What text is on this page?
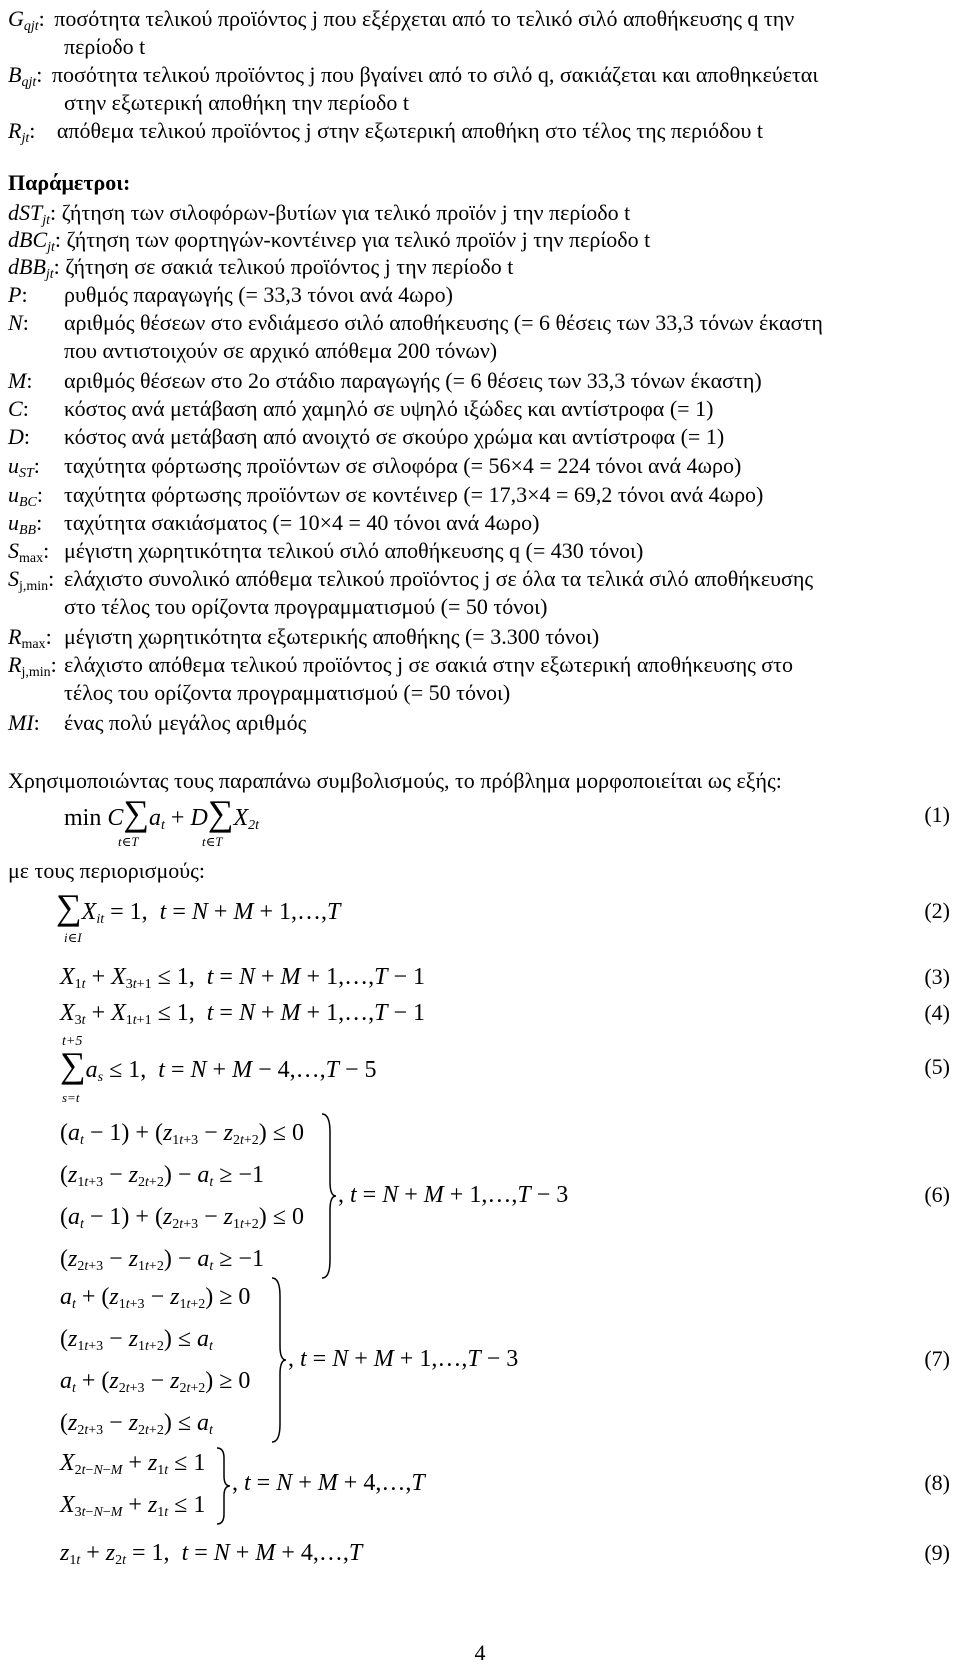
$G_{qjt}$: ποσότητα τελικού προϊόντος j που εξέρχεται από το τελικό σιλό αποθήκευσης q την
περίοδο t
$B_{qjt}$: ποσότητα τελικού προϊόντος j που βγαίνει από το σιλό q, σακιάζεται και αποθηκεύεται
στην εξωτερική αποθήκη την περίοδο t
$R_{jt}$: απόθεμα τελικού προϊόντος j στην εξωτερική αποθήκη στο τέλος της περιόδου t
Παράμετροι:
dST$_{jt}$: ζήτηση των σιλοφόρων-βυτίων για τελικό προϊόν j την περίοδο t
dBC$_{jt}$: ζήτηση των φορτηγών-κοντέινερ για τελικό προϊόν j την περίοδο t
dBB$_{jt}$: ζήτηση σε σακιά τελικού προϊόντος j την περίοδο t
P: ρυθμός παραγωγής (= 33,3 τόνοι ανά 4ωρο)
N: αριθμός θέσεων στο ενδιάμεσο σιλό αποθήκευσης (= 6 θέσεις των 33,3 τόνων έκαστη
που αντιστοιχούν σε αρχικό απόθεμα 200 τόνων)
M: αριθμός θέσεων στο 2ο στάδιο παραγωγής (= 6 θέσεις των 33,3 τόνων έκαστη)
C: κόστος ανά μετάβαση από χαμηλό σε υψηλό ιξώδες και αντίστροφα (= 1)
D: κόστος ανά μετάβαση από ανοιχτό σε σκούρο χρώμα και αντίστροφα (= 1)
$u_{ST}$: ταχύτητα φόρτωσης προϊόντων σε σιλοφόρα (= 56×4 = 224 τόνοι ανά 4ωρο)
$u_{BC}$: ταχύτητα φόρτωσης προϊόντων σε κοντέινερ (= 17,3×4 = 69,2 τόνοι ανά 4ωρο)
$u_{BB}$: ταχύτητα σακιάσματος (= 10×4 = 40 τόνοι ανά 4ωρο)
$S_{max}$: μέγιστη χωρητικότητα τελικού σιλό αποθήκευσης q (= 430 τόνοι)
$S_{j,min}$: ελάχιστο συνολικό απόθεμα τελικού προϊόντος j σε όλα τα τελικά σιλό αποθήκευσης
στο τέλος του ορίζοντα προγραμματισμού (= 50 τόνοι)
$R_{max}$: μέγιστη χωρητικότητα εξωτερικής αποθήκης (= 3.300 τόνοι)
$R_{j,min}$: ελάχιστο απόθεμα τελικού προϊόντος j σε σακιά στην εξωτερική αποθήκευσης στο
τέλος του ορίζοντα προγραμματισμού (= 50 τόνοι)
MI: ένας πολύ μεγάλος αριθμός
Χρησιμοποιώντας τους παραπάνω συμβολισμούς, το πρόβλημα μορφοποιείται ως εξής:
$\min C\sum a_t + D\sum X_{2t}$
t∈T	t∈T
(1)
με τους περιορισμούς:
$\sum X_{it} = 1$,  t = N + M + 1,…,T
i∈I
(2)
$X_{1t} + X_{3t+1} \le 1$,  t = N + M + 1,…,T − 1	(3)
$X_{3t} + X_{1t+1} \le 1$,  t = N + M + 1,…,T − 1	(4)
t+5
$\sum a_s \le 1$,  t = N + M − 4,…,T − 5
s=t
(5)
$(a_t - 1) + (z_{1t+3} - z_{2t+2}) \le 0$
$(z_{1t+3} - z_{2t+2}) - a_t \ge -1$
$(a_t - 1) + (z_{2t+3} - z_{1t+2}) \le 0$
$(z_{2t+3} - z_{1t+2}) - a_t \ge -1$
, t = N + M + 1,…,T − 3	(6)
$a_t + (z_{1t+3} - z_{1t+2}) \ge 0$
$(z_{1t+3} - z_{1t+2}) \le a_t$
$a_t + (z_{2t+3} - z_{2t+2}) \ge 0$
$(z_{2t+3} - z_{2t+2}) \le a_t$
, t = N + M + 1,…,T − 3	(7)
$X_{2t-N-M} + z_{1t} \le 1$
$X_{3t-N-M} + z_{1t} \le 1$
, t = N + M + 4,…,T	(8)
$z_{1t} + z_{2t} = 1$,  t = N + M + 4,…,T	(9)
4
